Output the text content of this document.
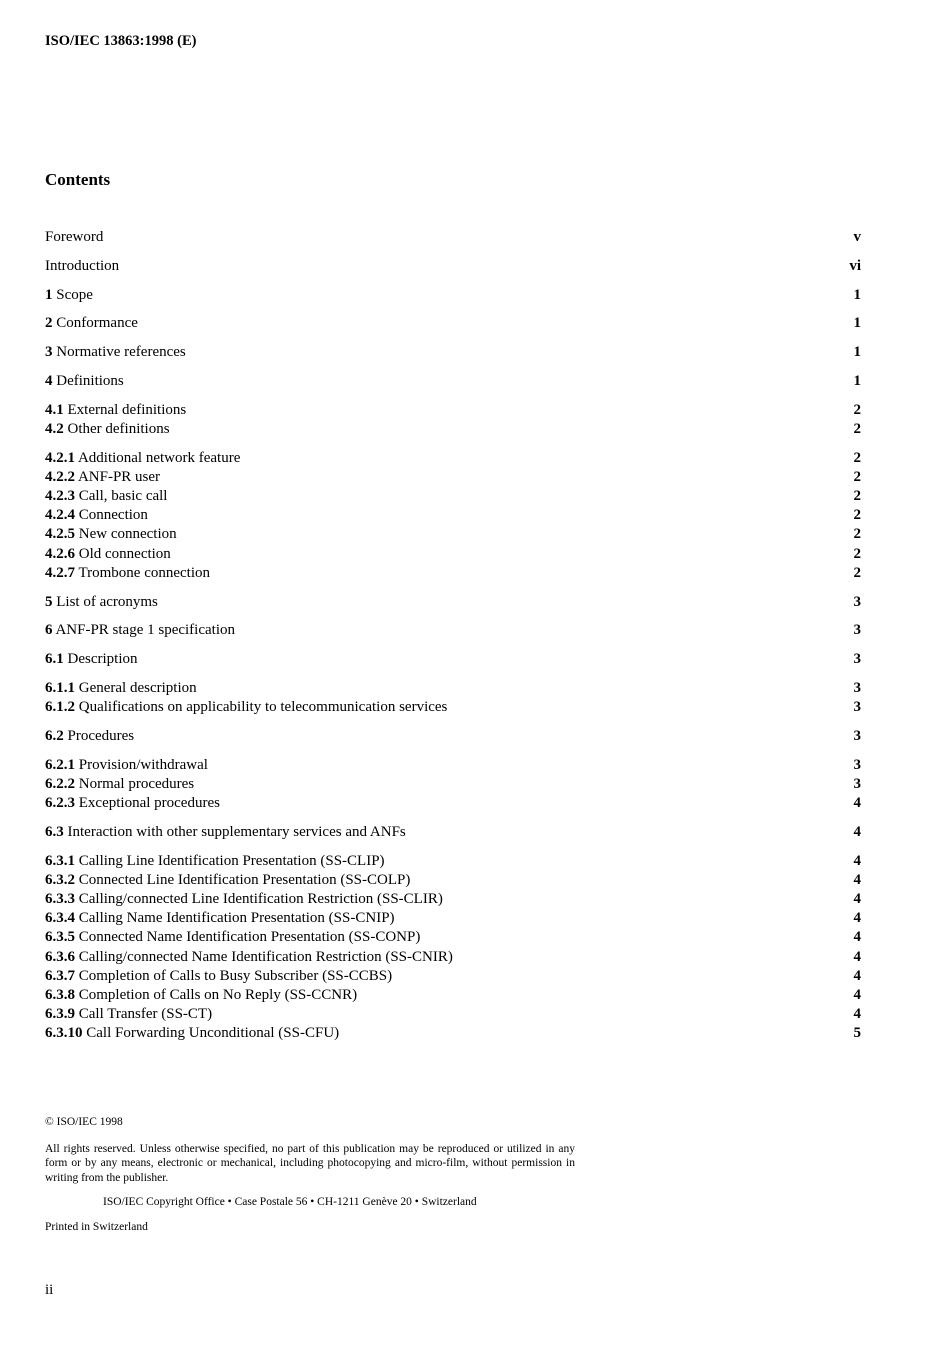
ISO/IEC 13863:1998 (E)
Contents
Foreword	v
Introduction	vi
1 Scope	1
2 Conformance	1
3 Normative references	1
4 Definitions	1
4.1 External definitions	2
4.2 Other definitions	2
4.2.1 Additional network feature	2
4.2.2 ANF-PR user	2
4.2.3 Call, basic call	2
4.2.4 Connection	2
4.2.5 New connection	2
4.2.6 Old connection	2
4.2.7 Trombone connection	2
5 List of acronyms	3
6 ANF-PR stage 1 specification	3
6.1 Description	3
6.1.1 General description	3
6.1.2 Qualifications on applicability to telecommunication services	3
6.2 Procedures	3
6.2.1 Provision/withdrawal	3
6.2.2 Normal procedures	3
6.2.3 Exceptional procedures	4
6.3 Interaction with other supplementary services and ANFs	4
6.3.1 Calling Line Identification Presentation (SS-CLIP)	4
6.3.2 Connected Line Identification Presentation (SS-COLP)	4
6.3.3 Calling/connected Line Identification Restriction (SS-CLIR)	4
6.3.4 Calling Name Identification Presentation (SS-CNIP)	4
6.3.5 Connected Name Identification Presentation (SS-CONP)	4
6.3.6 Calling/connected Name Identification Restriction (SS-CNIR)	4
6.3.7 Completion of Calls to Busy Subscriber (SS-CCBS)	4
6.3.8 Completion of Calls on No Reply (SS-CCNR)	4
6.3.9 Call Transfer (SS-CT)	4
6.3.10 Call Forwarding Unconditional (SS-CFU)	5
© ISO/IEC 1998
All rights reserved. Unless otherwise specified, no part of this publication may be reproduced or utilized in any form or by any means, electronic or mechanical, including photocopying and micro-film, without permission in writing from the publisher.
ISO/IEC Copyright Office • Case Postale 56 • CH-1211 Genève 20 • Switzerland
Printed in Switzerland
ii
